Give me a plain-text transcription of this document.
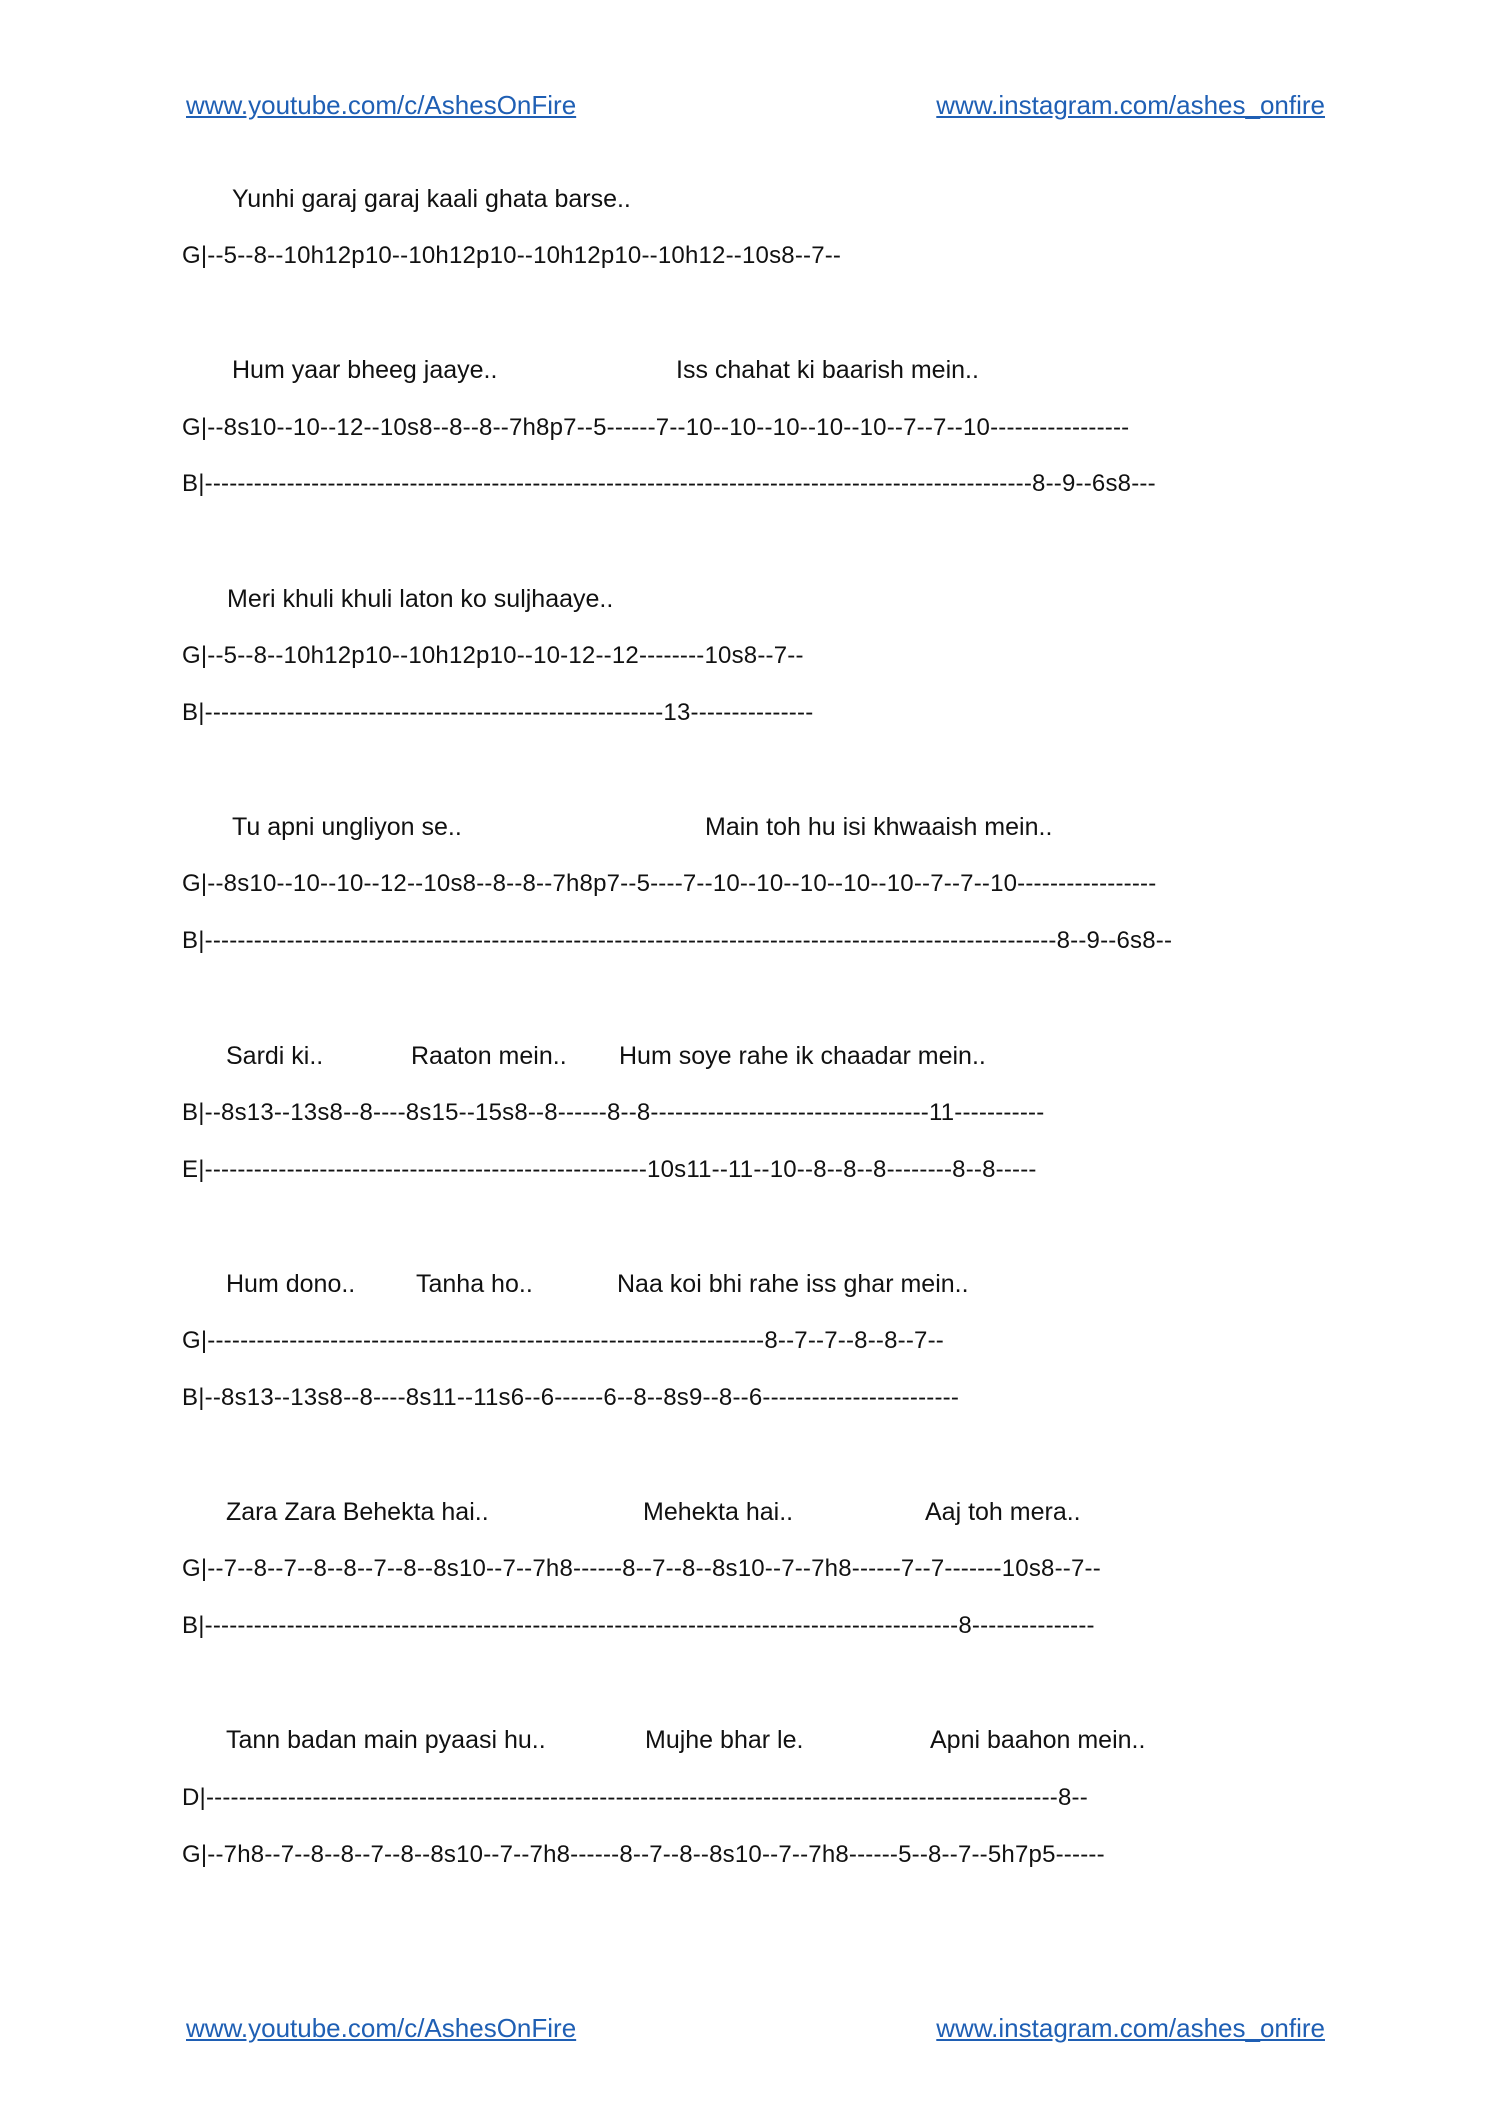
www.youtube.com/c/AshesOnFire	www.instagram.com/ashes_onfire
Yunhi garaj garaj kaali ghata barse..
G|--5--8--10h12p10--10h12p10--10h12p10--10h12--10s8--7--
Hum yaar bheeg jaaye..	Iss chahat ki baarish mein..
G|--8s10--10--12--10s8--8--8--7h8p7--5------7--10--10--10--10--10--7--7--10-----------------
B|-----------------------------------------------------------------------------------------------------8--9--6s8---
Meri khuli khuli laton ko suljhaaye..
G|--5--8--10h12p10--10h12p10--10-12--12--------10s8--7--
B|--------------------------------------------------------13---------------
Tu apni ungliyon se..	Main toh hu isi khwaaish mein..
G|--8s10--10--10--12--10s8--8--8--7h8p7--5----7--10--10--10--10--10--7--7--10-----------------
B|--------------------------------------------------------------------------------------------------------8--9--6s8--
Sardi ki..	Raaton mein.. Hum soye rahe ik chaadar mein..
B|--8s13--13s8--8----8s15--15s8--8------8--8----------------------------------11-----------
E|------------------------------------------------------10s11--11--10--8--8--8--------8--8-----
Hum dono.. Tanha ho..	Naa koi bhi rahe iss ghar mein..
G|--------------------------------------------------------------------8--7--7--8--8--7--
B|--8s13--13s8--8----8s11--11s6--6------6--8--8s9--8--6------------------------
Zara Zara Behekta hai..	Mehekta hai..	Aaj toh mera..
G|--7--8--7--8--8--7--8--8s10--7--7h8------8--7--8--8s10--7--7h8------7--7-------10s8--7--
B|--------------------------------------------------------------------------------------------8---------------
Tann badan main pyaasi hu..	Mujhe bhar le.	Apni baahon mein..
D|--------------------------------------------------------------------------------------------------------8--
G|--7h8--7--8--8--7--8--8s10--7--7h8------8--7--8--8s10--7--7h8------5--8--7--5h7p5------
www.youtube.com/c/AshesOnFire	www.instagram.com/ashes_onfire
